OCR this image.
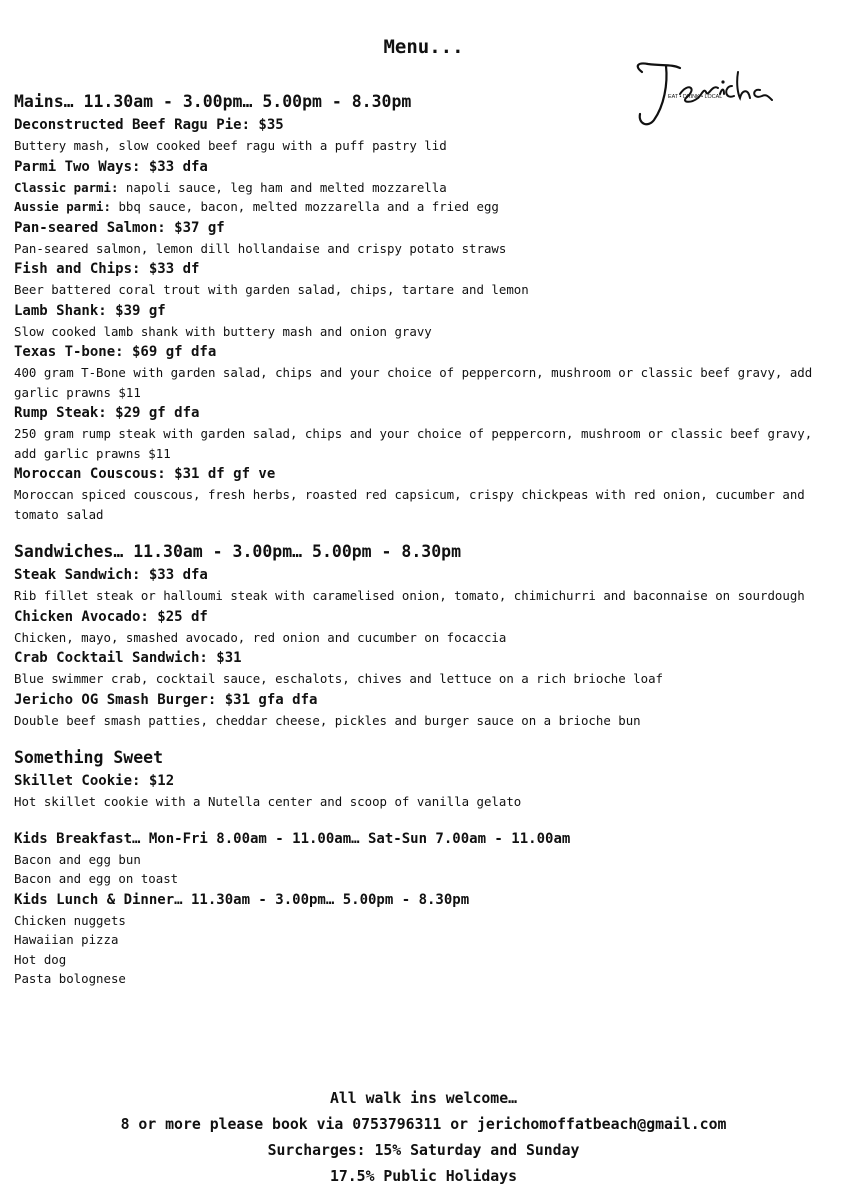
Menu...
EAT • DRINK • LOCAL
Mains… 11.30am - 3.00pm… 5.00pm - 8.30pm
Deconstructed Beef Ragu Pie: $35
Buttery mash, slow cooked beef ragu with a puff pastry lid
Parmi Two Ways: $33 dfa
Classic parmi: napoli sauce, leg ham and melted mozzarella
Aussie parmi: bbq sauce, bacon, melted mozzarella and a fried egg
Pan-seared Salmon: $37 gf
Pan-seared salmon, lemon dill hollandaise and crispy potato straws
Fish and Chips: $33 df
Beer battered coral trout with garden salad, chips, tartare and lemon
Lamb Shank: $39 gf
Slow cooked lamb shank with buttery mash and onion gravy
Texas T-bone: $69 gf dfa
400 gram T-Bone with garden salad, chips and your choice of peppercorn, mushroom or classic beef gravy, add garlic prawns $11
Rump Steak: $29 gf dfa
250 gram rump steak with garden salad, chips and your choice of peppercorn, mushroom or classic beef gravy, add garlic prawns $11
Moroccan Couscous: $31 df gf ve
Moroccan spiced couscous, fresh herbs, roasted red capsicum, crispy chickpeas with red onion, cucumber and tomato salad
Sandwiches… 11.30am - 3.00pm… 5.00pm - 8.30pm
Steak Sandwich: $33 dfa
Rib fillet steak or halloumi steak with caramelised onion, tomato, chimichurri and baconnaise on sourdough
Chicken Avocado: $25 df
Chicken, mayo, smashed avocado, red onion and cucumber on focaccia
Crab Cocktail Sandwich: $31
Blue swimmer crab, cocktail sauce, eschalots, chives and lettuce on a rich brioche loaf
Jericho OG Smash Burger: $31 gfa dfa
Double beef smash patties, cheddar cheese, pickles and burger sauce on a brioche bun
Something Sweet
Skillet Cookie: $12
Hot skillet cookie with a Nutella center and scoop of vanilla gelato
Kids Breakfast… Mon-Fri 8.00am - 11.00am… Sat-Sun 7.00am - 11.00am
Bacon and egg bun
Bacon and egg on toast
Kids Lunch & Dinner… 11.30am - 3.00pm… 5.00pm - 8.30pm
Chicken nuggets
Hawaiian pizza
Hot dog
Pasta bolognese
All walk ins welcome…
8 or more please book via 0753796311 or jerichomoffatbeach@gmail.com
Surcharges: 15% Saturday and Sunday
17.5% Public Holidays
